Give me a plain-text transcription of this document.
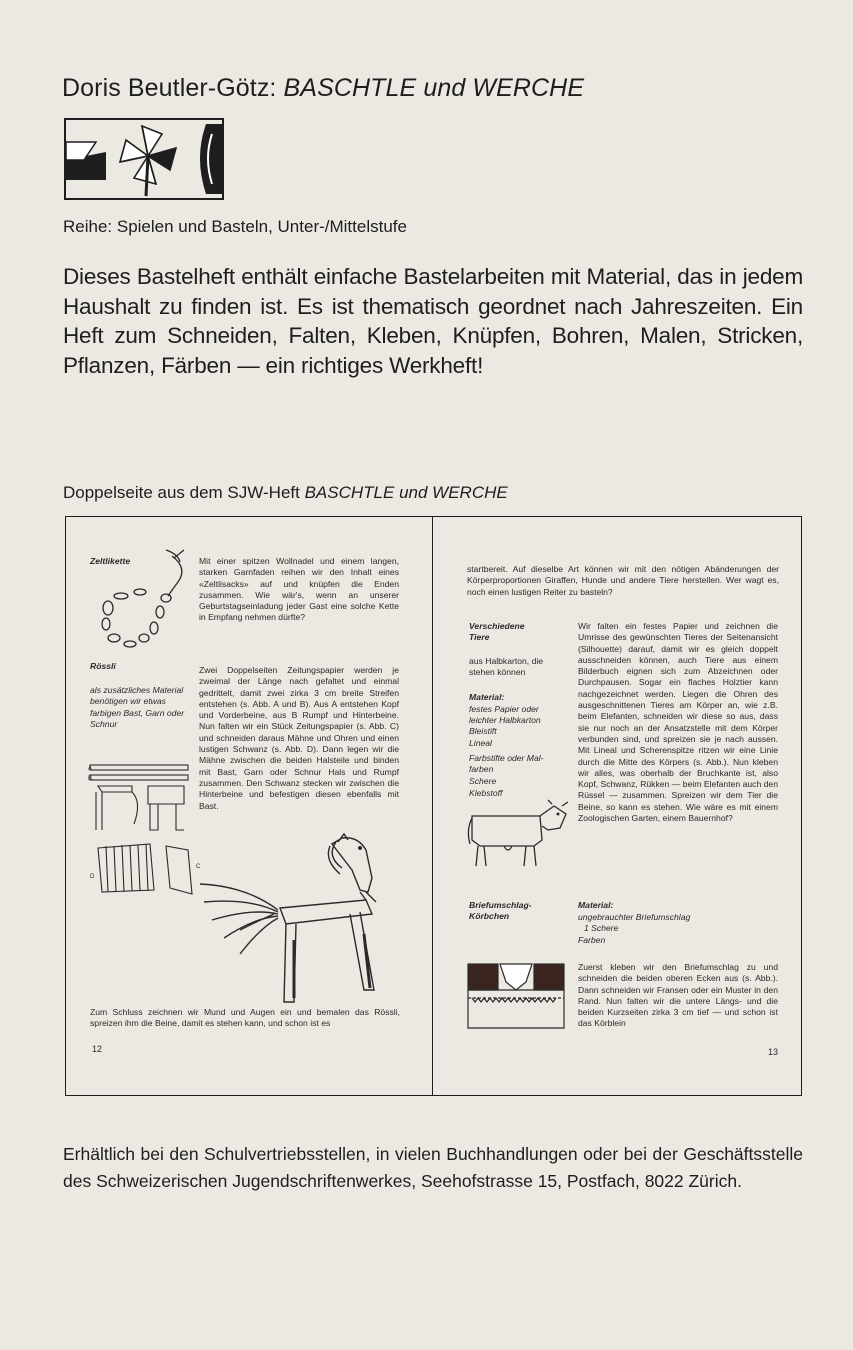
Doris Beutler-Götz: BASCHTLE und WERCHE
Reihe: Spielen und Basteln, Unter-/Mittelstufe
Dieses Bastelheft enthält einfache Bastelarbeiten mit Material, das in jedem Haushalt zu finden ist. Es ist thematisch geordnet nach Jahreszeiten. Ein Heft zum Schneiden, Falten, Kleben, Knüpfen, Bohren, Malen, Stricken, Pflanzen, Färben — ein richtiges Werkheft!
Doppelseite aus dem SJW-Heft BASCHTLE und WERCHE
Zeltlikette	Mit einer spitzen Wollnadel und einem langen, starken Garnfaden reihen wir den Inhalt eines «Zeltlisacks» auf und knüpfen die Enden zusammen. Wie wär's, wenn an unserer Geburtstagseinladung jeder Gast eine solche Kette in Empfang nehmen dürfte?
Rössli
als zusätzliches Material benötigen wir etwas farbigen Bast, Garn oder Schnur
Zwei Doppelseiten Zeitungspapier werden je zweimal der Länge nach gefaltet und einmal gedrittelt, damit zwei zirka 3 cm breite Streifen entstehen (s. Abb. A und B). Aus A entstehen Kopf und Vorderbeine, aus B Rumpf und Hinterbeine. Nun falten wir ein Stück Zeitungspapier (s. Abb. C) und schneiden daraus Mähne und Ohren und einen lustigen Schwanz (s. Abb. D). Dann legen wir die Mähne zwischen die beiden Halsteile und binden mit Bast, Garn oder Schnur Hals und Rumpf zusammen. Den Schwanz stecken wir zwischen die Hinterbeine und befestigen diesen ebenfalls mit Bast.
A
B
D
C
Zum Schluss zeichnen wir Mund und Augen ein und bemalen das Rössli, spreizen ihm die Beine, damit es stehen kann, und schon ist es
12
startbereit. Auf dieselbe Art können wir mit den nötigen Abänderungen der Körperproportionen Giraffen, Hunde und andere Tiere herstellen. Wer wagt es, noch einen lustigen Reiter zu basteln?
Verschiedene
Tiere
aus Halbkarton, die stehen können
Material:
festes Papier oder
leichter Halbkarton
Bleistift
Lineal
Farbstifte oder Mal-
farben
Schere
Klebstoff
Wir falten ein festes Papier und zeichnen die Umrisse des gewünschten Tieres der Seitenansicht (Silhouette) darauf, damit wir es gleich doppelt ausschneiden können, auch Tiere aus einem Bilderbuch eignen sich zum Abzeichnen oder Durchpausen. Sogar ein flaches Holztier kann nachgezeichnet werden. Liegen die Ohren des ausgeschnittenen Tieres am Körper an, wie z.B. beim Elefanten, schneiden wir diese so aus, dass sie nur noch an der Ansatzstelle mit dem Körper verbunden sind, und spreizen sie je nach aussen. Mit Lineal und Scherenspitze ritzen wir eine Linie durch die Mitte des Körpers (s. Abb.). Nun kleben wir alles, was oberhalb der Bruchkante ist, also Kopf, Schwanz, Rükken — beim Elefanten auch den Rüssel — zusammen. Spreizen wir dem Tier die Beine, so kann es stehen. Wie wäre es mit einem Zoologischen Garten, einem Bauernhof?
Briefumschlag-
Körbchen
Material:
ungebrauchter Briefumschlag
1 Schere
Farben
Zuerst kleben wir den Briefumschlag zu und schneiden die beiden oberen Ecken aus (s. Abb.). Dann schneiden wir Fransen oder ein Muster in den Rand. Nun falten wir die untere Längs- und die beiden Kurzseiten zirka 3 cm tief — und schon ist das Körblein
13
Erhältlich bei den Schulvertriebsstellen, in vielen Buchhandlungen oder bei der Geschäftsstelle des Schweizerischen Jugendschriftenwerkes, Seehofstrasse 15, Postfach, 8022 Zürich.
